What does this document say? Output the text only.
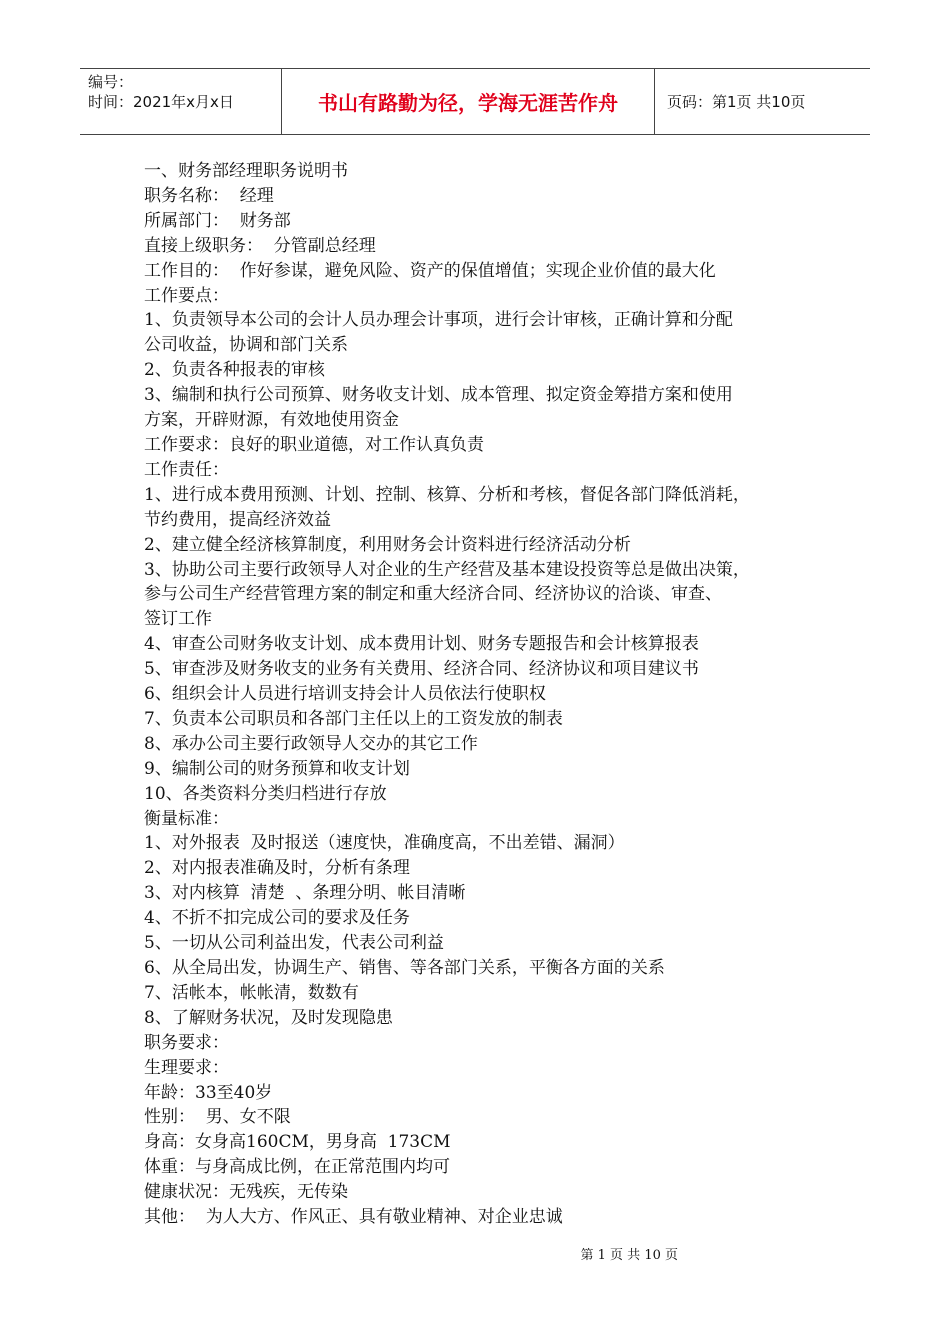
编号：
时间：2021年x月x日	书山有路勤为径，学海无涯苦作舟	页码：第1页 共10页

一、财务部经理职务说明书

职务名称：  经理

所属部门：  财务部

直接上级职务：  分管副总经理

工作目的：  作好参谋，避免风险、资产的保值增值；实现企业价值的最大化

工作要点：

1、负责领导本公司的会计人员办理会计事项，进行会计审核，正确计算和分配

公司收益，协调和部门关系

2、负责各种报表的审核

3、编制和执行公司预算、财务收支计划、成本管理、拟定资金筹措方案和使用

方案，开辟财源，有效地使用资金

工作要求：良好的职业道德，对工作认真负责

工作责任：

1、进行成本费用预测、计划、控制、核算、分析和考核，督促各部门降低消耗，

节约费用，提高经济效益

2、建立健全经济核算制度，利用财务会计资料进行经济活动分析

3、协助公司主要行政领导人对企业的生产经营及基本建设投资等总是做出决策，

参与公司生产经营管理方案的制定和重大经济合同、经济协议的洽谈、审查、

签订工作

4、审查公司财务收支计划、成本费用计划、财务专题报告和会计核算报表

5、审查涉及财务收支的业务有关费用、经济合同、经济协议和项目建议书

6、组织会计人员进行培训支持会计人员依法行使职权

7、负责本公司职员和各部门主任以上的工资发放的制表

8、承办公司主要行政领导人交办的其它工作

9、编制公司的财务预算和收支计划

10、各类资料分类归档进行存放

衡量标准：

1、对外报表  及时报送（速度快，准确度高，不出差错、漏洞）

2、对内报表准确及时，分析有条理

3、对内核算  清楚  、条理分明、帐目清晰

4、不折不扣完成公司的要求及任务

5、一切从公司利益出发，代表公司利益

6、从全局出发，协调生产、销售、等各部门关系，平衡各方面的关系

7、活帐本，帐帐清，数数有

8、了解财务状况，及时发现隐患

职务要求：

生理要求：

年龄：33至40岁

性别：  男、女不限

身高：女身高160CM，男身高  173CM

体重：与身高成比例，在正常范围内均可

健康状况：无残疾，无传染

其他：  为人大方、作风正、具有敬业精神、对企业忠诚

第 1 页 共 10 页
